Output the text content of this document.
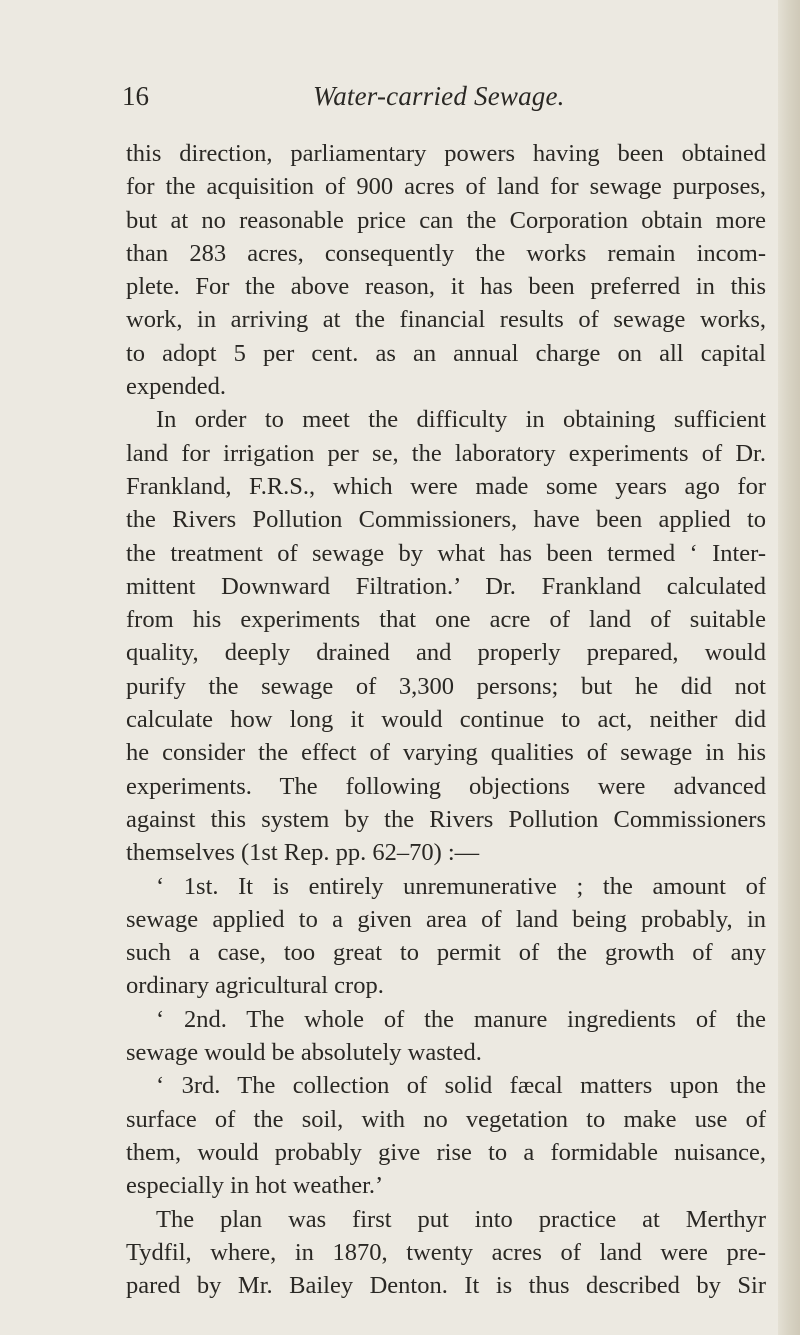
16	Water-carried Sewage.
this direction, parliamentary powers having been obtained
for the acquisition of 900 acres of land for sewage purposes,
but at no reasonable price can the Corporation obtain more
than 283 acres, consequently the works remain incom-
plete. For the above reason, it has been preferred in this
work, in arriving at the financial results of sewage works,
to adopt 5 per cent. as an annual charge on all capital
expended.
In order to meet the difficulty in obtaining sufficient
land for irrigation per se, the laboratory experiments of Dr.
Frankland, F.R.S., which were made some years ago for
the Rivers Pollution Commissioners, have been applied to
the treatment of sewage by what has been termed ‘ Inter-
mittent Downward Filtration.’ Dr. Frankland calculated
from his experiments that one acre of land of suitable
quality, deeply drained and properly prepared, would
purify the sewage of 3,300 persons; but he did not
calculate how long it would continue to act, neither did
he consider the effect of varying qualities of sewage in his
experiments. The following objections were advanced
against this system by the Rivers Pollution Commissioners
themselves (1st Rep. pp. 62–70) :—
‘ 1st. It is entirely unremunerative ; the amount of
sewage applied to a given area of land being probably, in
such a case, too great to permit of the growth of any
ordinary agricultural crop.
‘ 2nd. The whole of the manure ingredients of the
sewage would be absolutely wasted.
‘ 3rd. The collection of solid fæcal matters upon the
surface of the soil, with no vegetation to make use of
them, would probably give rise to a formidable nuisance,
especially in hot weather.’
The plan was first put into practice at Merthyr
Tydfil, where, in 1870, twenty acres of land were pre-
pared by Mr. Bailey Denton. It is thus described by Sir
